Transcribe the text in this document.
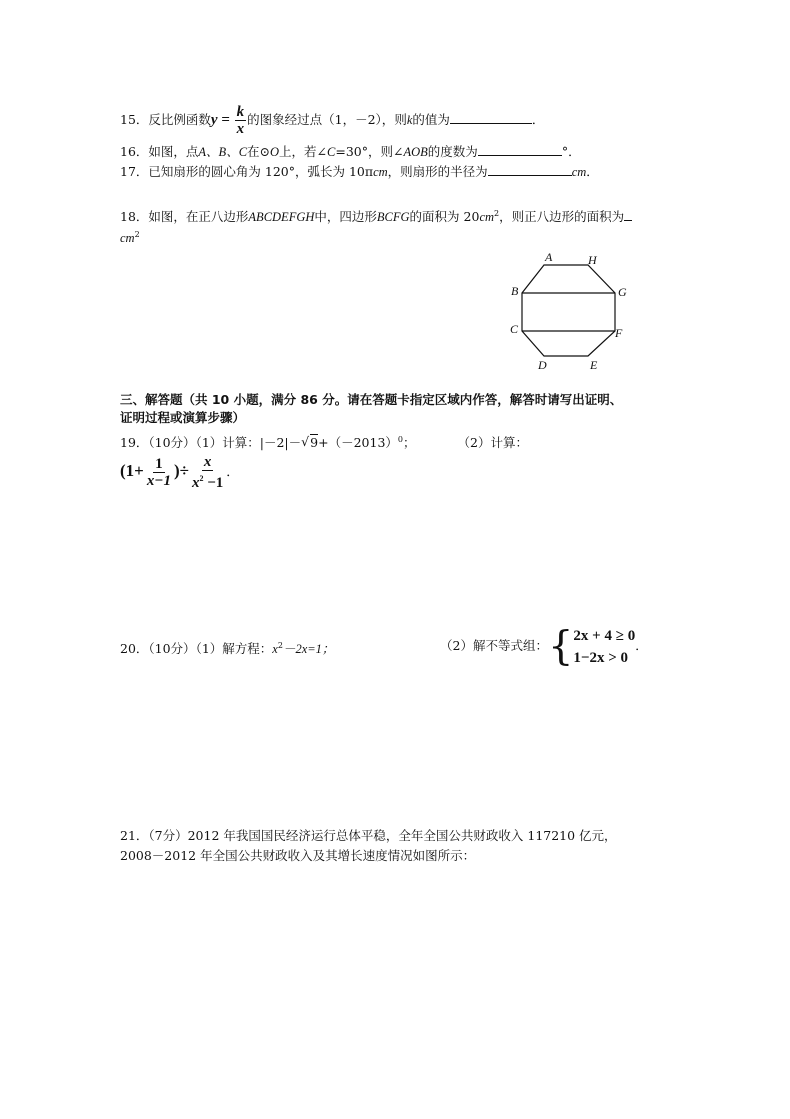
15．反比例函数$y = \frac{k}{x}$ 的图象经过点（1，－2），则k的值为	．
16．如图，点A、B、C在⊙O上，若∠C=30°，则∠AOB的度数为	°．
17．已知扇形的圆心角为 120°，弧长为 10πcm，则扇形的半径为	cm．
18．如图，在正八边形ABCDEFGH中，四边形BCFG的面积为 $20cm^2$，则正八边形的面积为
$cm^2$
A	H
B	G
C	F
D	E
三、解答题（共 10 小题，满分 86 分。请在答题卡指定区域内作答，解答时请写出证明、
证明过程或演算步骤）
19．（10分）（1）计算：|－2|－ √ $9+(-2013)^0$；	（2）计算：
($1+ \frac{1}{x-1}$ )÷ $\frac{x}{x^2 -1}$ ．
20．（10分）（1）解方程：$x^2-2x=1$；	（2）解不等式组：{ 2x + 4 ≥ 0
1−2x > 0
．
21．（7分）2012 年我国国民经济运行总体平稳，全年全国公共财政收入 117210 亿元，
2008－2012 年全国公共财政收入及其增长速度情况如图所示：
